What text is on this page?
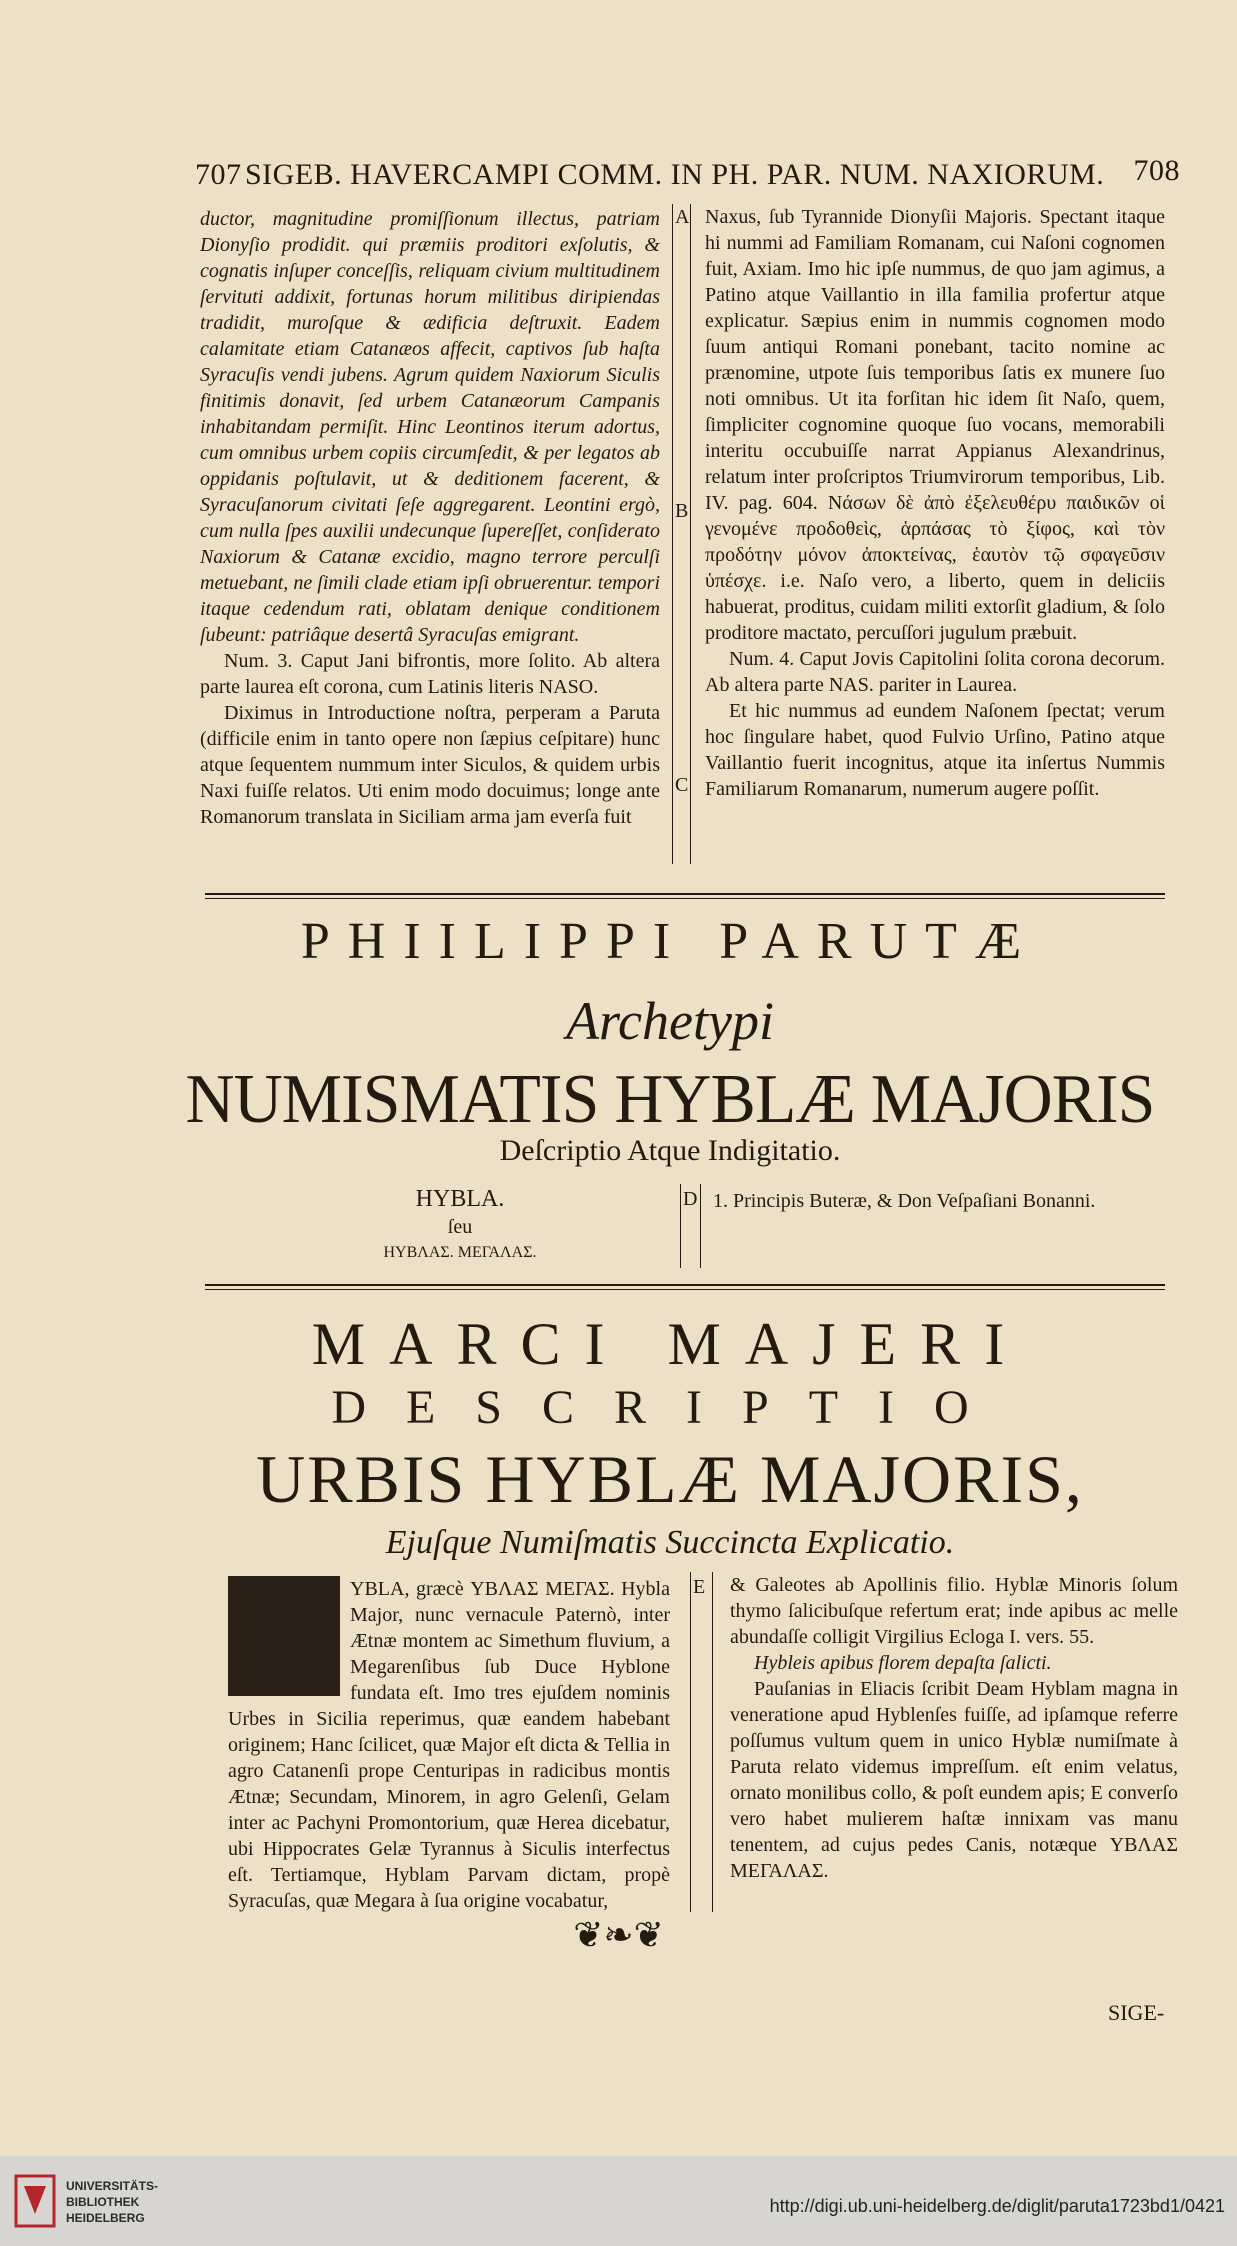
707 SIGEB. HAVERCAMPI COMM. IN PH. PAR. NUM. NAXIORUM. 708

ductor, magnitudine promiſſionum illectus, patriam Dionyſio prodidit. qui præmiis proditori exſolutis, & cognatis inſuper conceſſis, reliquam civium multitudinem ſervituti addixit, fortunas horum militibus diripiendas tradidit, muroſque & ædificia deſtruxit. Eadem calamitate etiam Catanæos affecit, captivos ſub haſta Syracuſis vendi jubens. Agrum quidem Naxiorum Siculis finitimis donavit, ſed urbem Catanæorum Campanis inhabitandam permiſit. Hinc Leontinos iterum adortus, cum omnibus urbem copiis circumſedit, & per legatos ab oppidanis poſtulavit, ut & deditionem facerent, & Syracuſanorum civitati ſeſe aggregarent. Leontini ergò, cum nulla ſpes auxilii undecunque ſupereſſet, conſiderato Naxiorum & Catanæ excidio, magno terrore perculſi metuebant, ne ſimili clade etiam ipſi obruerentur. tempori itaque cedendum rati, oblatam denique conditionem ſubeunt: patriâque desertâ Syracuſas emigrant.

Num. 3. Caput Jani bifrontis, more ſolito. Ab altera parte laurea eſt corona, cum Latinis literis NASO.

Diximus in Introductione noſtra, perperam a Paruta (difficile enim in tanto opere non ſæpius ceſpitare) hunc atque ſequentem nummum inter Siculos, & quidem urbis Naxi fuiſſe relatos. Uti enim modo docuimus; longe ante Romanorum translata in Siciliam arma jam everſa fuit

A
B
C

Naxus, ſub Tyrannide Dionyſii Majoris. Spectant itaque hi nummi ad Familiam Romanam, cui Naſoni cognomen fuit, Axiam. Imo hic ipſe nummus, de quo jam agimus, a Patino atque Vaillantio in illa familia profertur atque explicatur. Sæpius enim in nummis cognomen modo ſuum antiqui Romani ponebant, tacito nomine ac prænomine, utpote ſuis temporibus ſatis ex munere ſuo noti omnibus. Ut ita forſitan hic idem ſit Naſo, quem, ſimpliciter cognomine quoque ſuo vocans, memorabili interitu occubuiſſe narrat Appianus Alexandrinus, relatum inter proſcriptos Triumvirorum temporibus, Lib. IV. pag. 604. Νάσων δὲ ἀπὸ ἐξελευθέρυ παιδικῶν οἱ γενομένε προδοθεὶς, ἁρπάσας τὸ ξίφος, καὶ τὸν προδότην μόνον ἀποκτείνας, ἑαυτὸν τῷ σφαγεῦσιν ὑπέσχε. i.e. Naſo vero, a liberto, quem in deliciis habuerat, proditus, cuidam militi extorſit gladium, & ſolo proditore mactato, percuſſori jugulum præbuit.

Num. 4. Caput Jovis Capitolini ſolita corona decorum. Ab altera parte NAS. pariter in Laurea.

Et hic nummus ad eundem Naſonem ſpectat; verum hoc ſingulare habet, quod Fulvio Urſino, Patino atque Vaillantio fuerit incognitus, atque ita inſertus Nummis Familiarum Romanarum, numerum augere poſſit.

PHIILIPPI PARUTÆ
Archetypi
NUMISMATIS HYBLÆ MAJORIS
Deſcriptio Atque Indigitatio.
HYBLA.
ſeu
ΗΥΒΛΑΣ. ΜΕΓΑΛΑΣ.
D 1. Principis Buteræ, & Don Veſpaſiani Bonanni.
MARCI MAJERI
DESCRIPTIO
URBIS HYBLÆ MAJORIS,
Ejuſque Numiſmatis Succincta Explicatio.

YBLA, græcè ΥΒΛΑΣ ΜΕΓΑΣ. Hybla Major, nunc vernacule Paternò, inter Ætnæ montem ac Simethum fluvium, a Megarenſibus ſub Duce Hyblone fundata eſt. Imo tres ejuſdem nominis Urbes in Sicilia reperimus, quæ eandem habebant originem; Hanc ſcilicet, quæ Major eſt dicta & Tellia in agro Catanenſi prope Centuripas in radicibus montis Ætnæ; Secundam, Minorem, in agro Gelenſi, Gelam inter ac Pachyni Promontorium, quæ Herea dicebatur, ubi Hippocrates Gelæ Tyrannus à Siculis interfectus eſt. Tertiamque, Hyblam Parvam dictam, propè Syracuſas, quæ Megara à ſua origine vocabatur,

E & Galeotes ab Apollinis filio. Hyblæ Minoris ſolum thymo ſalicibuſque refertum erat; inde apibus ac melle abundaſſe colligit Virgilius Ecloga I. vers. 55.

Hybleis apibus florem depaſta ſalicti.

Pauſanias in Eliacis ſcribit Deam Hyblam magna in veneratione apud Hyblenſes fuiſſe, ad ipſamque referre poſſumus vultum quem in unico Hyblæ numiſmate à Paruta relato videmus impreſſum. eſt enim velatus, ornato monilibus collo, & poſt eundem apis; E converſo vero habet mulierem haſtæ innixam vas manu tenentem, ad cujus pedes Canis, notæque ΥΒΛΑΣ ΜΕΓΑΛΑΣ.

❦❧❦
SIGE-
UNIVERSITÄTS-
BIBLIOTHEK
HEIDELBERG
http://digi.ub.uni-heidelberg.de/diglit/paruta1723bd1/0421
